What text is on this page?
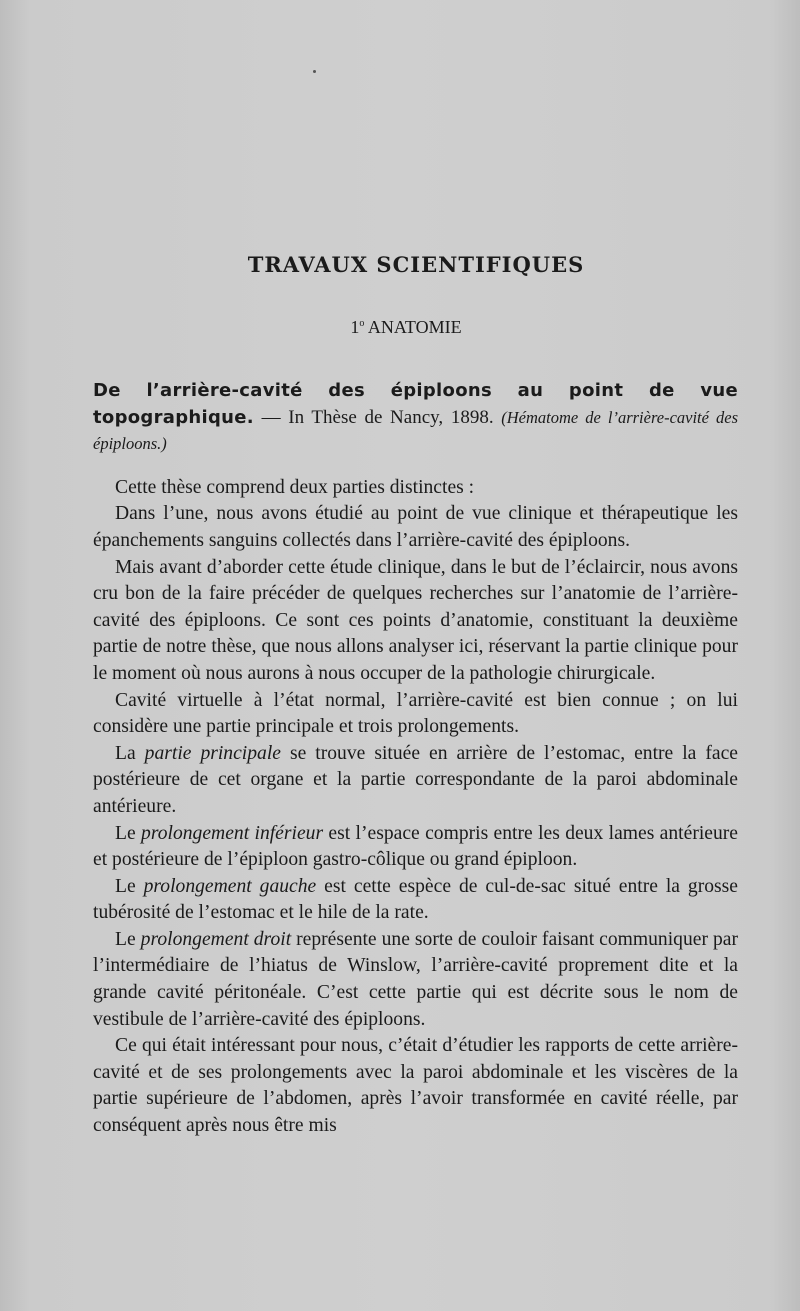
TRAVAUX SCIENTIFIQUES
1$^o$ ANATOMIE

De l’arrière-cavité des épiploons au point de vue topographique. — In Thèse de Nancy, 1898. (Hématome de l’arrière-cavité des épiploons.)

Cette thèse comprend deux parties distinctes :

Dans l’une, nous avons étudié au point de vue clinique et thérapeutique les épanchements sanguins collectés dans l’arrière-cavité des épiploons.

Mais avant d’aborder cette étude clinique, dans le but de l’éclaircir, nous avons cru bon de la faire précéder de quelques recherches sur l’anatomie de l’arrière-cavité des épiploons. Ce sont ces points d’anatomie, constituant la deuxième partie de notre thèse, que nous allons analyser ici, réservant la partie clinique pour le moment où nous aurons à nous occuper de la pathologie chirurgicale.

Cavité virtuelle à l’état normal, l’arrière-cavité est bien connue ; on lui considère une partie principale et trois prolongements.

La partie principale se trouve située en arrière de l’estomac, entre la face postérieure de cet organe et la partie correspondante de la paroi abdominale antérieure.

Le prolongement inférieur est l’espace compris entre les deux lames antérieure et postérieure de l’épiploon gastro-côlique ou grand épiploon.

Le prolongement gauche est cette espèce de cul-de-sac situé entre la grosse tubérosité de l’estomac et le hile de la rate.

Le prolongement droit représente une sorte de couloir faisant communiquer par l’intermédiaire de l’hiatus de Winslow, l’arrière-cavité proprement dite et la grande cavité péritonéale. C’est cette partie qui est décrite sous le nom de vestibule de l’arrière-cavité des épiploons.

Ce qui était intéressant pour nous, c’était d’étudier les rapports de cette arrière-cavité et de ses prolongements avec la paroi abdominale et les viscères de la partie supérieure de l’abdomen, après l’avoir transformée en cavité réelle, par conséquent après nous être mis
